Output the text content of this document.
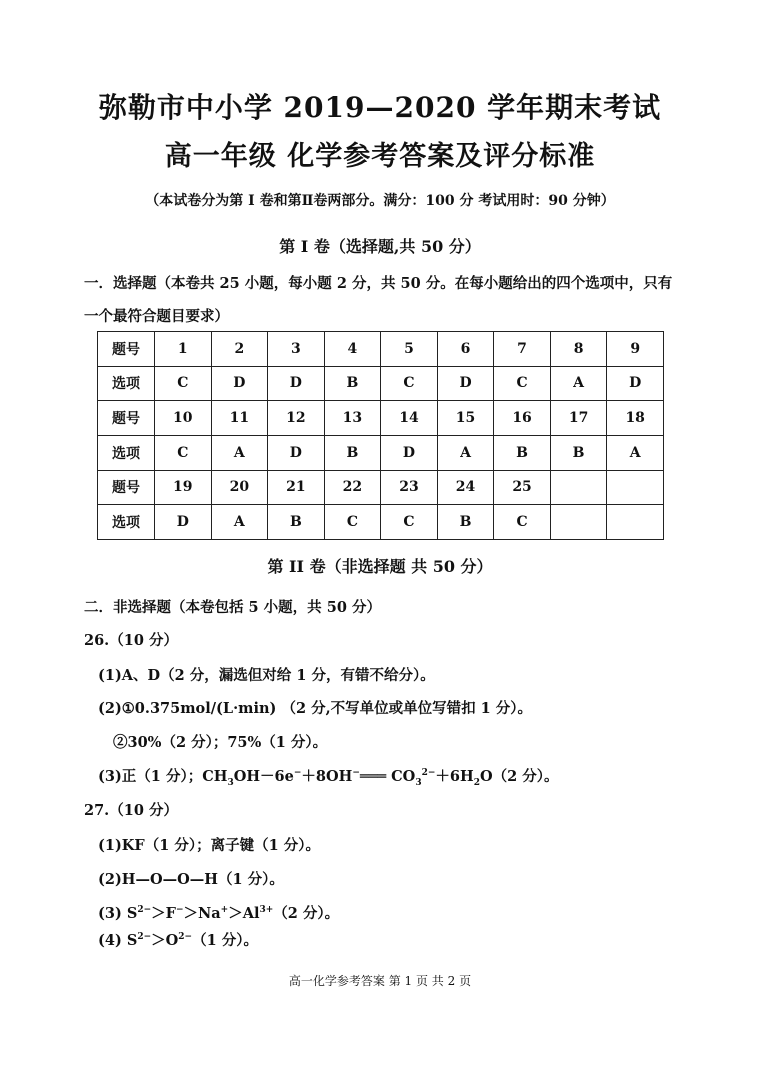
弥勒市中小学 2019—2020 学年期末考试
高一年级 化学参考答案及评分标准
（本试卷分为第 I 卷和第Ⅱ卷两部分。满分：100 分 考试用时：90 分钟）
第 I 卷（选择题,共 50 分）
一．选择题（本卷共 25 小题，每小题 2 分，共 50 分。在每小题给出的四个选项中，只有
一个最符合题目要求）
题号	1	2	3	4	5	6	7	8	9
选项	C	D	D	B	C	D	C	A	D
题号	10	11	12	13	14	15	16	17	18
选项	C	A	D	B	D	A	B	B	A
题号	19	20	21	22	23	24	25		
选项	D	A	B	C	C	B	C		
第 II 卷（非选择题 共 50 分）
二．非选择题（本卷包括 5 小题，共 50 分）
26.（10 分）
(1)A、D（2 分，漏选但对给 1 分，有错不给分）。
(2)①0.375mol/(L·min) （2 分,不写单位或单位写错扣 1 分）。
②30%（2 分）；75%（1 分）。
(3)正（1 分）；$CH_3OH-6e^-+8OH^-═══$ $CO_3^{2-}+6H_2O(2$ 分）。
27.（10 分）
(1)KF（1 分）；离子键（1 分）。
(2)H—O—O—H（1 分）。
(3) $S^{2-}>F^->Na^+>Al^{3+}(2$ 分）。
(4) $S^{2-}>O^{2-}(1$ 分）。
高一化学参考答案 第 1 页 共 2 页
